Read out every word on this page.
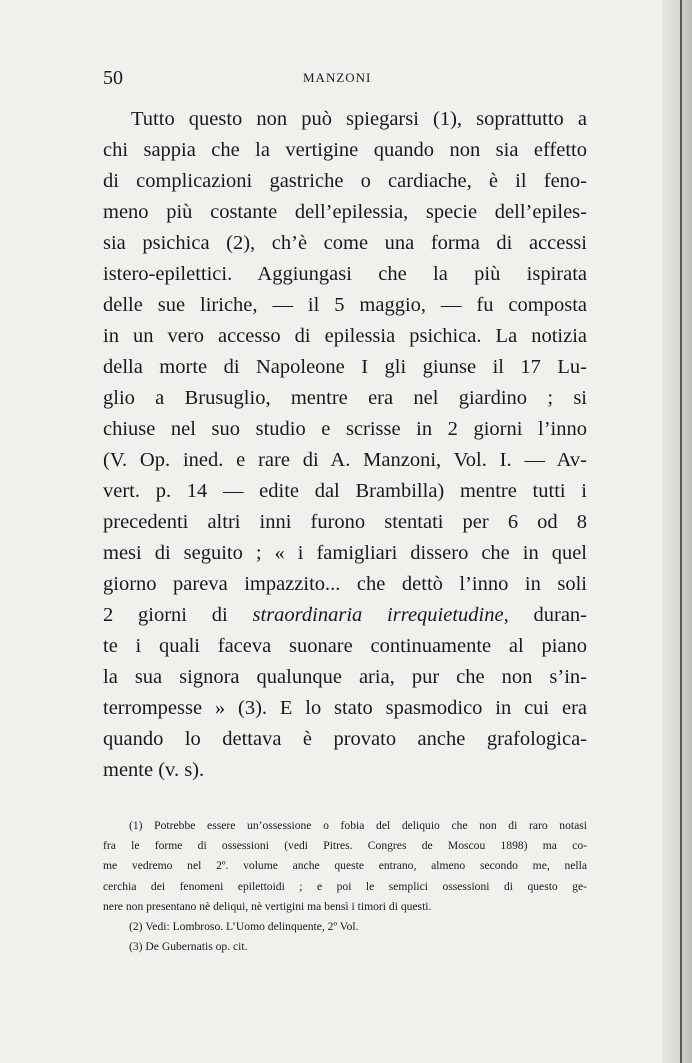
50	MANZONI
Tutto questo non può spiegarsi (1), soprattutto a
chi sappia che la vertigine quando non sia effetto
di complicazioni gastriche o cardiache, è il feno-
meno più costante dell’epilessia, specie dell’epiles-
sia psichica (2), ch’è come una forma di accessi
istero-epilettici. Aggiungasi che la più ispirata
delle sue liriche, — il 5 maggio, — fu composta
in un vero accesso di epilessia psichica. La notizia
della morte di Napoleone I gli giunse il 17 Lu-
glio a Brusuglio, mentre era nel giardino ; si
chiuse nel suo studio e scrisse in 2 giorni l’inno
(V. Op. ined. e rare di A. Manzoni, Vol. I. — Av-
vert. p. 14 — edite dal Brambilla) mentre tutti i
precedenti altri inni furono stentati per 6 od 8
mesi di seguito ; « i famigliari dissero che in quel
giorno pareva impazzito... che dettò l’inno in soli
2 giorni di straordinaria irrequietudine, duran-
te i quali faceva suonare continuamente al piano
la sua signora qualunque aria, pur che non s’in-
terrompesse » (3). E lo stato spasmodico in cui era
quando lo dettava è provato anche grafologica-
mente (v. s).
(1) Potrebbe essere un’ossessione o fobia del deliquio che non di raro notasi
fra le forme di ossessioni (vedi Pitres. Congres de Moscou 1898) ma co-
me vedremo nel 2º. volume anche queste entrano, almeno secondo me, nella
cerchia dei fenomeni epilettoidi ; e poi le semplici ossessioni di questo ge-
nere non presentano nè deliqui, nè vertigini ma bensì i timori di questi.
(2) Vedi: Lombroso. L’Uomo delinquente, 2º Vol.
(3) De Gubernatis op. cit.
